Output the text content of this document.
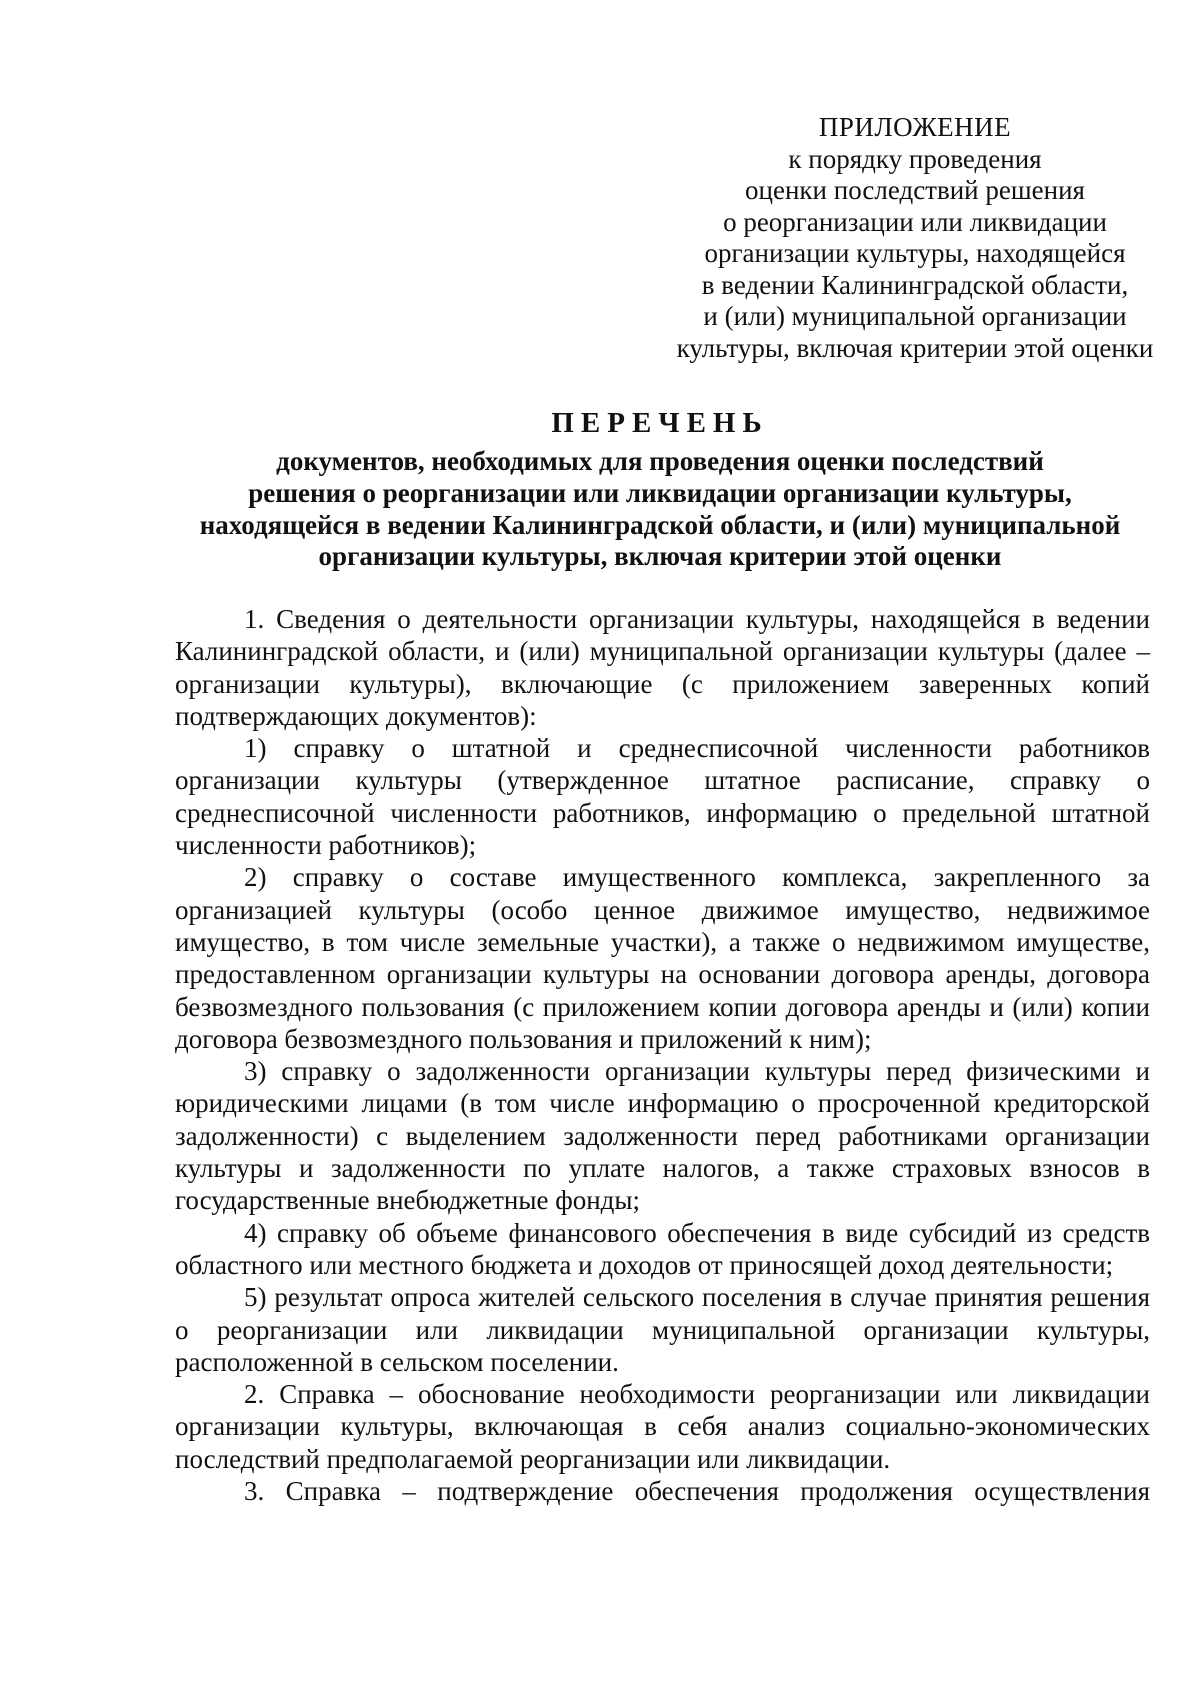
ПРИЛОЖЕНИЕ
к порядку проведения
оценки последствий решения
о реорганизации или ликвидации
организации культуры, находящейся
в ведении Калининградской области,
и (или) муниципальной организации
культуры, включая критерии этой оценки
ПЕРЕЧЕНЬ
документов, необходимых для проведения оценки последствий
решения о реорганизации или ликвидации организации культуры,
находящейся в ведении Калининградской области, и (или) муниципальной
организации культуры, включая критерии этой оценки

1. Сведения о деятельности организации культуры, находящейся в ведении Калининградской области, и (или) муниципальной организации культуры (далее – организации культуры), включающие (с приложением заверенных копий подтверждающих документов):

1) справку о штатной и среднесписочной численности работников организации культуры (утвержденное штатное расписание, справку о среднесписочной численности работников, информацию о предельной штатной численности работников);

2) справку о составе имущественного комплекса, закрепленного за организацией культуры (особо ценное движимое имущество, недвижимое имущество, в том числе земельные участки), а также о недвижимом имуществе, предоставленном организации культуры на основании договора аренды, договора безвозмездного пользования (с приложением копии договора аренды и (или) копии договора безвозмездного пользования и приложений к ним);

3) справку о задолженности организации культуры перед физическими и юридическими лицами (в том числе информацию о просроченной кредиторской задолженности) с выделением задолженности перед работниками организации культуры и задолженности по уплате налогов, а также страховых взносов в государственные внебюджетные фонды;

4) справку об объеме финансового обеспечения в виде субсидий из средств областного или местного бюджета и доходов от приносящей доход деятельности;

5) результат опроса жителей сельского поселения в случае принятия решения о реорганизации или ликвидации муниципальной организации культуры, расположенной в сельском поселении.

2. Справка – обоснование необходимости реорганизации или ликвидации организации культуры, включающая в себя анализ социально-экономических последствий предполагаемой реорганизации или ликвидации.

3. Справка – подтверждение обеспечения продолжения осуществления
